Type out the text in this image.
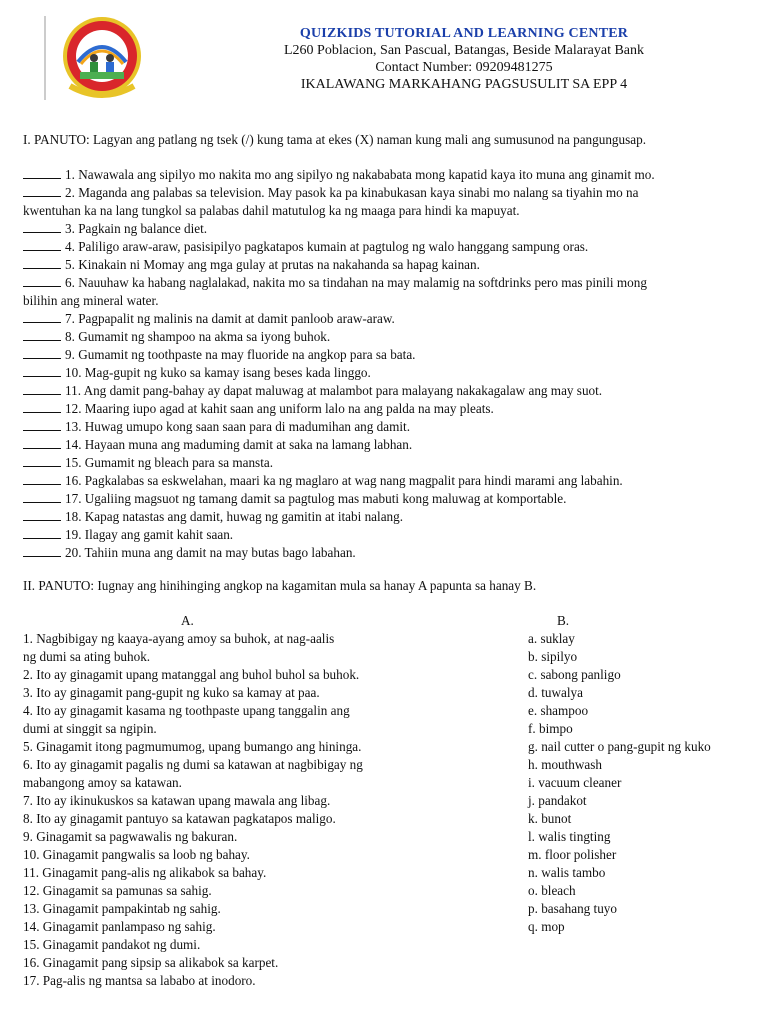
QUIZKIDS TUTORIAL AND LEARNING CENTER
L260 Poblacion, San Pascual, Batangas, Beside Malarayat Bank
Contact Number: 09209481275
IKALAWANG MARKAHANG PAGSUSULIT SA EPP 4
I. PANUTO: Lagyan ang patlang ng tsek (/) kung tama at ekes (X) naman kung mali ang sumusunod na pangungusap.
1. Nawawala ang sipilyo mo nakita mo ang sipilyo ng nakababata mong kapatid kaya ito muna ang ginamit mo.
2. Maganda ang palabas sa television. May pasok ka pa kinabukasan kaya sinabi mo nalang sa tiyahin mo na
kwentuhan ka na lang tungkol sa palabas dahil matutulog ka ng maaga para hindi ka mapuyat.
3. Pagkain ng balance diet.
4. Paliligo araw-araw, pasisipilyo pagkatapos kumain at pagtulog ng walo hanggang sampung oras.
5. Kinakain ni Momay ang mga gulay at prutas na nakahanda sa hapag kainan.
6. Nauuhaw ka habang naglalakad, nakita mo sa tindahan na may malamig na softdrinks pero mas pinili mong
bilihin ang mineral water.
7. Pagpapalit ng malinis na damit at damit panloob araw-araw.
8. Gumamit ng shampoo na akma sa iyong buhok.
9. Gumamit ng toothpaste na may fluoride na angkop para sa bata.
10. Mag-gupit ng kuko sa kamay isang beses kada linggo.
11. Ang damit pang-bahay ay dapat maluwag at malambot para malayang nakakagalaw ang may suot.
12. Maaring iupo agad at kahit saan ang uniform lalo na ang palda na may pleats.
13. Huwag umupo kong saan saan para di madumihan ang damit.
14. Hayaan muna ang maduming damit at saka na lamang labhan.
15. Gumamit ng bleach para sa mansta.
16. Pagkalabas sa eskwelahan, maari ka ng maglaro at wag nang magpalit para hindi marami ang labahin.
17. Ugaliing magsuot ng tamang damit sa pagtulog mas mabuti kong maluwag at komportable.
18. Kapag natastas ang damit, huwag ng gamitin at itabi nalang.
19. Ilagay ang gamit kahit saan.
20. Tahiin muna ang damit na may butas bago labahan.
II. PANUTO: Iugnay ang hinihinging angkop na kagamitan mula sa hanay A papunta sa hanay B.
A.	B.
1. Nagbibigay ng kaaya-ayang amoy sa buhok, at nag-aalis
ng dumi sa ating buhok.
2. Ito ay ginagamit upang matanggal ang buhol buhol sa buhok.
3. Ito ay ginagamit pang-gupit ng kuko sa kamay at paa.
4. Ito ay ginagamit kasama ng toothpaste upang tanggalin ang
dumi at singgit sa ngipin.
5. Ginagamit itong pagmumumog, upang bumango ang hininga.
6. Ito ay ginagamit pagalis ng dumi sa katawan at nagbibigay ng
mabangong amoy sa katawan.
7. Ito ay ikinukuskos sa katawan upang mawala ang libag.
8. Ito ay ginagamit pantuyo sa katawan pagkatapos maligo.
9. Ginagamit sa pagwawalis ng bakuran.
10. Ginagamit pangwalis sa loob ng bahay.
11. Ginagamit pang-alis ng alikabok sa bahay.
12. Ginagamit sa pamunas sa sahig.
13. Ginagamit pampakintab ng sahig.
14. Ginagamit panlampaso ng sahig.
15. Ginagamit pandakot ng dumi.
16. Ginagamit pang sipsip sa alikabok sa karpet.
17. Pag-alis ng mantsa sa lababo at inodoro.
a. suklay
b. sipilyo
c. sabong panligo
d. tuwalya
e. shampoo
f. bimpo
g. nail cutter o pang-gupit ng kuko
h. mouthwash
i. vacuum cleaner
j. pandakot
k. bunot
l. walis tingting
m. floor polisher
n. walis tambo
o. bleach
p. basahang tuyo
q. mop
